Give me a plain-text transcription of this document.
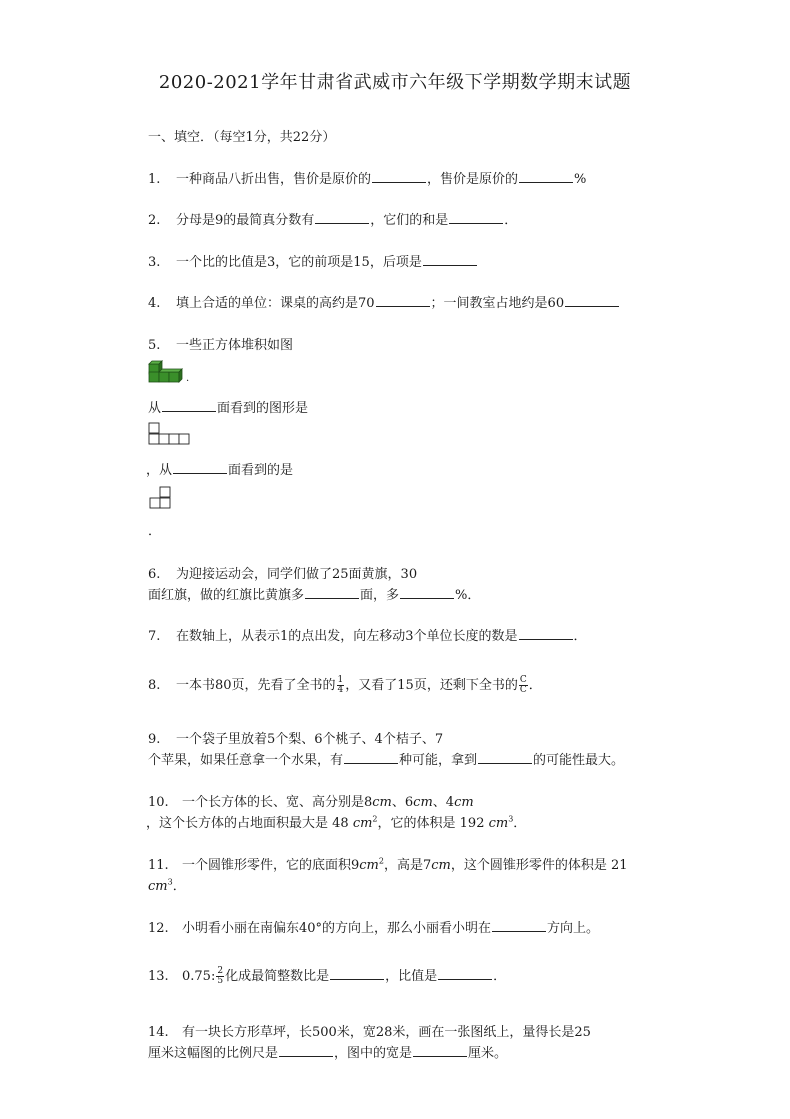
2020-2021学年甘肃省武威市六年级下学期数学期末试题
一、填空．（每空1分，共22分）
1. 一种商品八折出售，售价是原价的	，售价是原价的	%
2. 分母是9的最简真分数有	，它们的和是	．
3. 一个比的比值是3，它的前项是15，后项是
4. 填上合适的单位：课桌的高约是70	；一间教室占地约是60
5. 一些正方体堆积如图
.
从	面看到的图形是
，从	面看到的是
．
6. 为迎接运动会，同学们做了25面黄旗，30
面红旗，做的红旗比黄旗多	面，多	%．
7. 在数轴上，从表示1的点出发，向左移动3个单位长度的数是	．
8. 一本书80页，先看了全书的 $\frac{1}{4}$ ，又看了15页，还剩下全书的 $\frac{C}{C}$ ．
9. 一个袋子里放着5个梨、6个桃子、4个桔子、7
个苹果，如果任意拿一个水果，有	种可能，拿到	的可能性最大。
10. 一个长方体的长、宽、高分别是8cm、6cm、4cm
，这个长方体的占地面积最大是 48 $cm^2$，它的体积是 192 $cm^3$．
11. 一个圆锥形零件，它的底面积$9cm^2$，高是7cm，这个圆锥形零件的体积是 21
$cm^3$．
12. 小明看小丽在南偏东40°的方向上，那么小丽看小明在	方向上。
13. 0.75: $\frac{2}{5}$ 化成最简整数比是	，比值是	．
14. 有一块长方形草坪，长500米，宽28米，画在一张图纸上，量得长是25
厘米这幅图的比例尺是	，图中的宽是	厘米。
